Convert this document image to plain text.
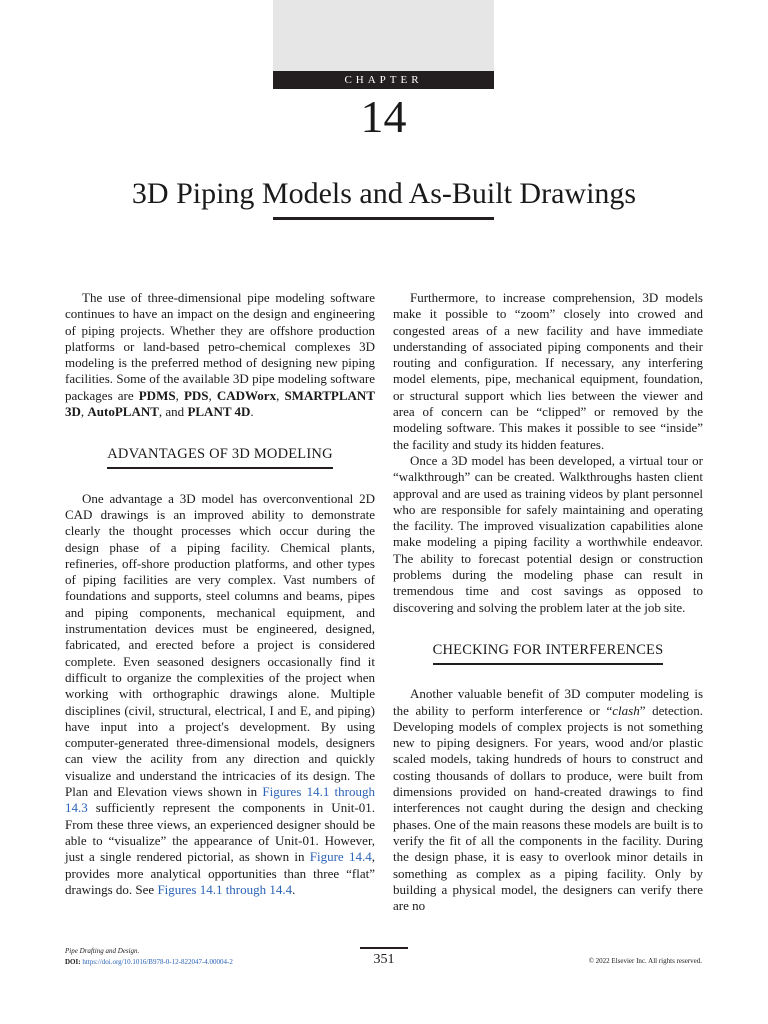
CHAPTER
14
3D Piping Models and As-Built Drawings

The use of three-dimensional pipe modeling software continues to have an impact on the design and engineering of piping projects. Whether they are offshore production platforms or land-based petro-chemical complexes 3D modeling is the preferred method of designing new piping facilities. Some of the available 3D pipe modeling software packages are PDMS, PDS, CADWorx, SMARTPLANT 3D, AutoPLANT, and PLANT 4D.

ADVANTAGES OF 3D MODELING

One advantage a 3D model has overconventional 2D CAD drawings is an improved ability to demonstrate clearly the thought processes which occur during the design phase of a piping facility. Chemical plants, refineries, off-shore production platforms, and other types of piping facilities are very complex. Vast numbers of foundations and supports, steel columns and beams, pipes and piping components, mechanical equipment, and instrumentation devices must be engineered, designed, fabricated, and erected before a project is considered complete. Even seasoned designers occasionally find it difficult to organize the complexities of the project when working with orthographic drawings alone. Multiple disciplines (civil, structural, electrical, I and E, and piping) have input into a project's development. By using computer-generated three-dimensional models, designers can view the acility from any direction and quickly visualize and understand the intricacies of its design. The Plan and Elevation views shown in Figures 14.1 through 14.3 sufficiently represent the components in Unit-01. From these three views, an experienced designer should be able to “visualize” the appearance of Unit-01. However, just a single rendered pictorial, as shown in Figure 14.4, provides more analytical opportunities than three “flat” drawings do. See Figures 14.1 through 14.4.

Furthermore, to increase comprehension, 3D models make it possible to “zoom” closely into crowed and congested areas of a new facility and have immediate understanding of associated piping components and their routing and configuration. If necessary, any interfering model elements, pipe, mechanical equipment, foundation, or structural support which lies between the viewer and area of concern can be “clipped” or removed by the modeling software. This makes it possible to see “inside” the facility and study its hidden features.

Once a 3D model has been developed, a virtual tour or “walkthrough” can be created. Walkthroughs hasten client approval and are used as training videos by plant personnel who are responsible for safely maintaining and operating the facility. The improved visualization capabilities alone make modeling a piping facility a worthwhile endeavor. The ability to forecast potential design or construction problems during the modeling phase can result in tremendous time and cost savings as opposed to discovering and solving the problem later at the job site.

CHECKING FOR INTERFERENCES

Another valuable benefit of 3D computer modeling is the ability to perform interference or “clash” detection. Developing models of complex projects is not something new to piping designers. For years, wood and/or plastic scaled models, taking hundreds of hours to construct and costing thousands of dollars to produce, were built from dimensions provided on hand-created drawings to find interferences not caught during the design and checking phases. One of the main reasons these models are built is to verify the fit of all the components in the facility. During the design phase, it is easy to overlook minor details in something as complex as a piping facility. Only by building a physical model, the designers can verify there are no

Pipe Drafting and Design.
DOI: https://doi.org/10.1016/B978-0-12-822047-4.00004-2	351	© 2022 Elsevier Inc. All rights reserved.
